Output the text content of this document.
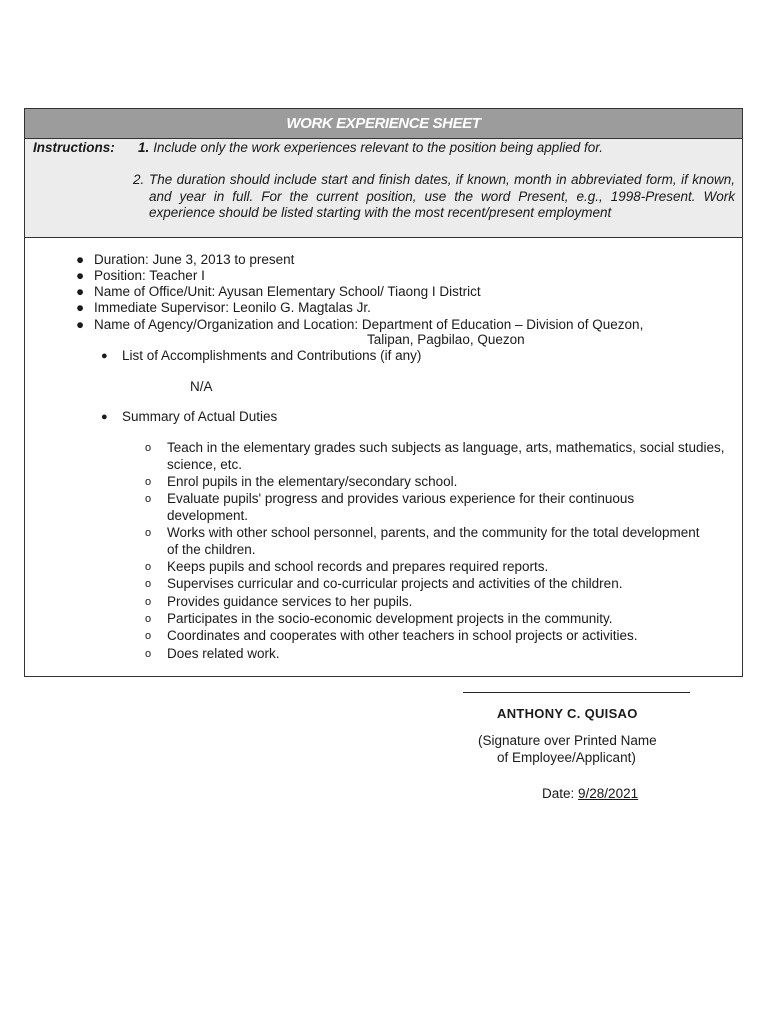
WORK EXPERIENCE SHEET
Instructions: 1. Include only the work experiences relevant to the position being applied for.
2. The duration should include start and finish dates, if known, month in abbreviated form, if known, and year in full. For the current position, use the word Present, e.g., 1998-Present. Work experience should be listed starting with the most recent/present employment
● Duration: June 3, 2013 to present
● Position: Teacher I
● Name of Office/Unit: Ayusan Elementary School/ Tiaong I District
● Immediate Supervisor: Leonilo G. Magtalas Jr.
● Name of Agency/Organization and Location: Department of Education – Division of Quezon,
Talipan, Pagbilao, Quezon
● List of Accomplishments and Contributions (if any)
N/A
● Summary of Actual Duties
o Teach in the elementary grades such subjects as language, arts, mathematics, social studies, science, etc.
o Enrol pupils in the elementary/secondary school.
o Evaluate pupils' progress and provides various experience for their continuous development.
o Works with other school personnel, parents, and the community for the total development of the children.
o Keeps pupils and school records and prepares required reports.
o Supervises curricular and co-curricular projects and activities of the children.
o Provides guidance services to her pupils.
o Participates in the socio-economic development projects in the community.
o Coordinates and cooperates with other teachers in school projects or activities.
o Does related work.
ANTHONY C. QUISAO
(Signature over Printed Name
of Employee/Applicant)
Date: 9/28/2021
